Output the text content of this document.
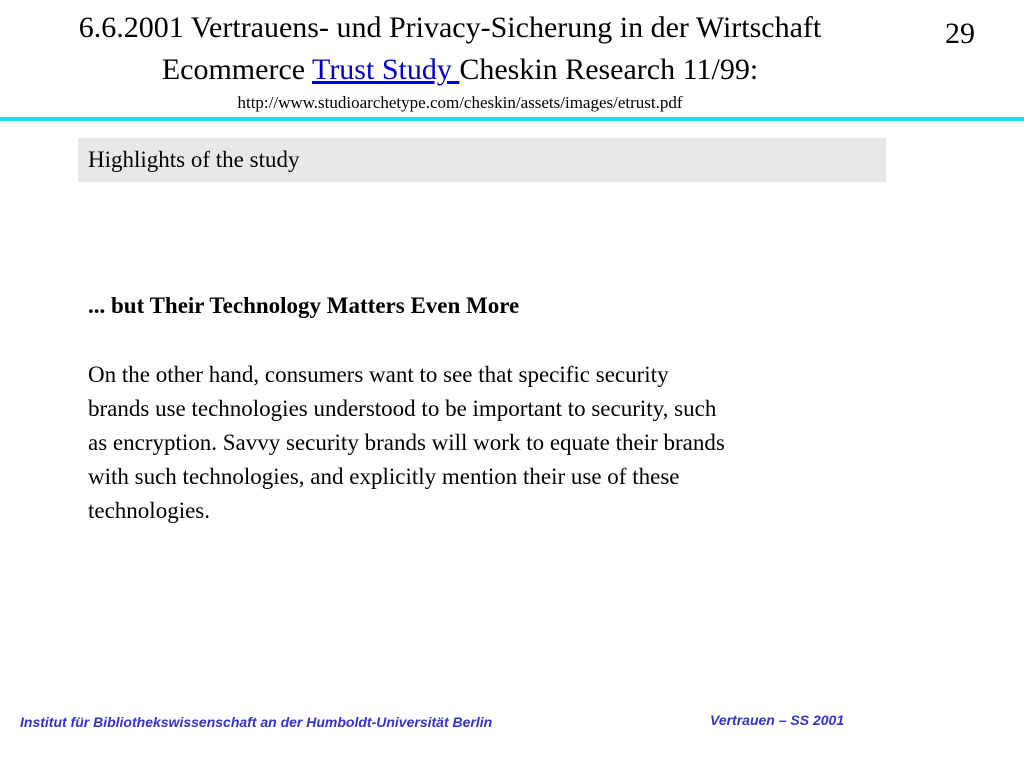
6.6.2001 Vertrauens- und Privacy-Sicherung in der Wirtschaft	29
Ecommerce Trust Study Cheskin Research 11/99:
http://www.studioarchetype.com/cheskin/assets/images/etrust.pdf
Highlights of the study
... but Their Technology Matters Even More
On the other hand, consumers want to see that specific security
brands use technologies understood to be important to security, such
as encryption. Savvy security brands will work to equate their brands
with such technologies, and explicitly mention their use of these
technologies.
Institut für Bibliothekswissenschaft an der Humboldt-Universität Berlin	Vertrauen – SS 2001
